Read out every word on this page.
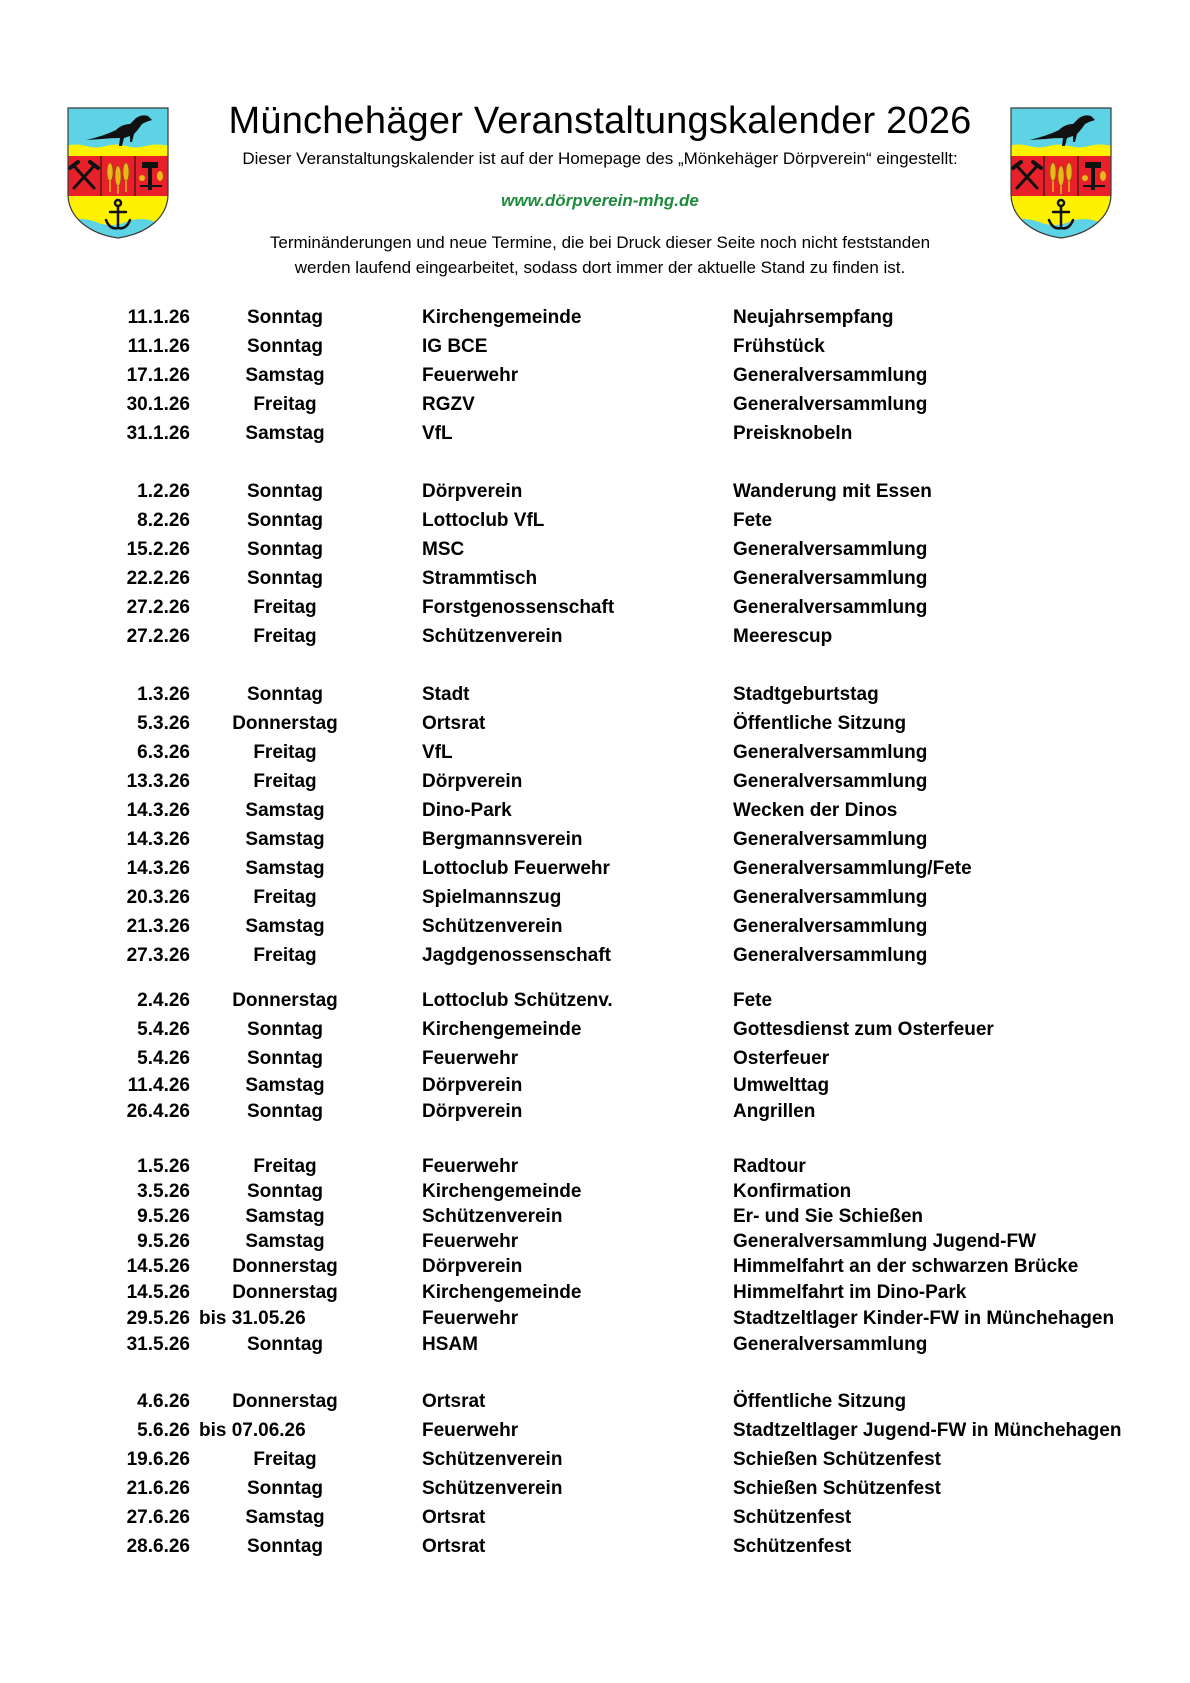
Münchehäger Veranstaltungskalender 2026

Dieser Veranstaltungskalender ist auf der Homepage des „Mönkehäger Dörpverein“ eingestellt:

www.dörpverein-mhg.de

Terminänderungen und neue Termine, die bei Druck dieser Seite noch nicht feststanden

werden laufend eingearbeitet, sodass dort immer der aktuelle Stand zu finden ist.

11.1.26	Sonntag	Kirchengemeinde	Neujahrsempfang
11.1.26	Sonntag	IG BCE	Frühstück
17.1.26	Samstag	Feuerwehr	Generalversammlung
30.1.26	Freitag	RGZV	Generalversammlung
31.1.26	Samstag	VfL	Preisknobeln
1.2.26	Sonntag	Dörpverein	Wanderung mit Essen
8.2.26	Sonntag	Lottoclub VfL	Fete
15.2.26	Sonntag	MSC	Generalversammlung
22.2.26	Sonntag	Strammtisch	Generalversammlung
27.2.26	Freitag	Forstgenossenschaft	Generalversammlung
27.2.26	Freitag	Schützenverein	Meerescup
1.3.26	Sonntag	Stadt	Stadtgeburtstag
5.3.26	Donnerstag	Ortsrat	Öffentliche Sitzung
6.3.26	Freitag	VfL	Generalversammlung
13.3.26	Freitag	Dörpverein	Generalversammlung
14.3.26	Samstag	Dino-Park	Wecken der Dinos
14.3.26	Samstag	Bergmannsverein	Generalversammlung
14.3.26	Samstag	Lottoclub Feuerwehr	Generalversammlung/Fete
20.3.26	Freitag	Spielmannszug	Generalversammlung
21.3.26	Samstag	Schützenverein	Generalversammlung
27.3.26	Freitag	Jagdgenossenschaft	Generalversammlung
2.4.26	Donnerstag	Lottoclub Schützenv.	Fete
5.4.26	Sonntag	Kirchengemeinde	Gottesdienst zum Osterfeuer
5.4.26	Sonntag	Feuerwehr	Osterfeuer
11.4.26	Samstag	Dörpverein	Umwelttag
26.4.26	Sonntag	Dörpverein	Angrillen
1.5.26	Freitag	Feuerwehr	Radtour
3.5.26	Sonntag	Kirchengemeinde	Konfirmation
9.5.26	Samstag	Schützenverein	Er- und Sie Schießen
9.5.26	Samstag	Feuerwehr	Generalversammlung Jugend-FW
14.5.26	Donnerstag	Dörpverein	Himmelfahrt an der schwarzen Brücke
14.5.26	Donnerstag	Kirchengemeinde	Himmelfahrt im Dino-Park
29.5.26 bis 31.05.26	Feuerwehr	Stadtzeltlager Kinder-FW in Münchehagen
31.5.26	Sonntag	HSAM	Generalversammlung
4.6.26	Donnerstag	Ortsrat	Öffentliche Sitzung
5.6.26 bis 07.06.26	Feuerwehr	Stadtzeltlager Jugend-FW in Münchehagen
19.6.26	Freitag	Schützenverein	Schießen Schützenfest
21.6.26	Sonntag	Schützenverein	Schießen Schützenfest
27.6.26	Samstag	Ortsrat	Schützenfest
28.6.26	Sonntag	Ortsrat	Schützenfest
